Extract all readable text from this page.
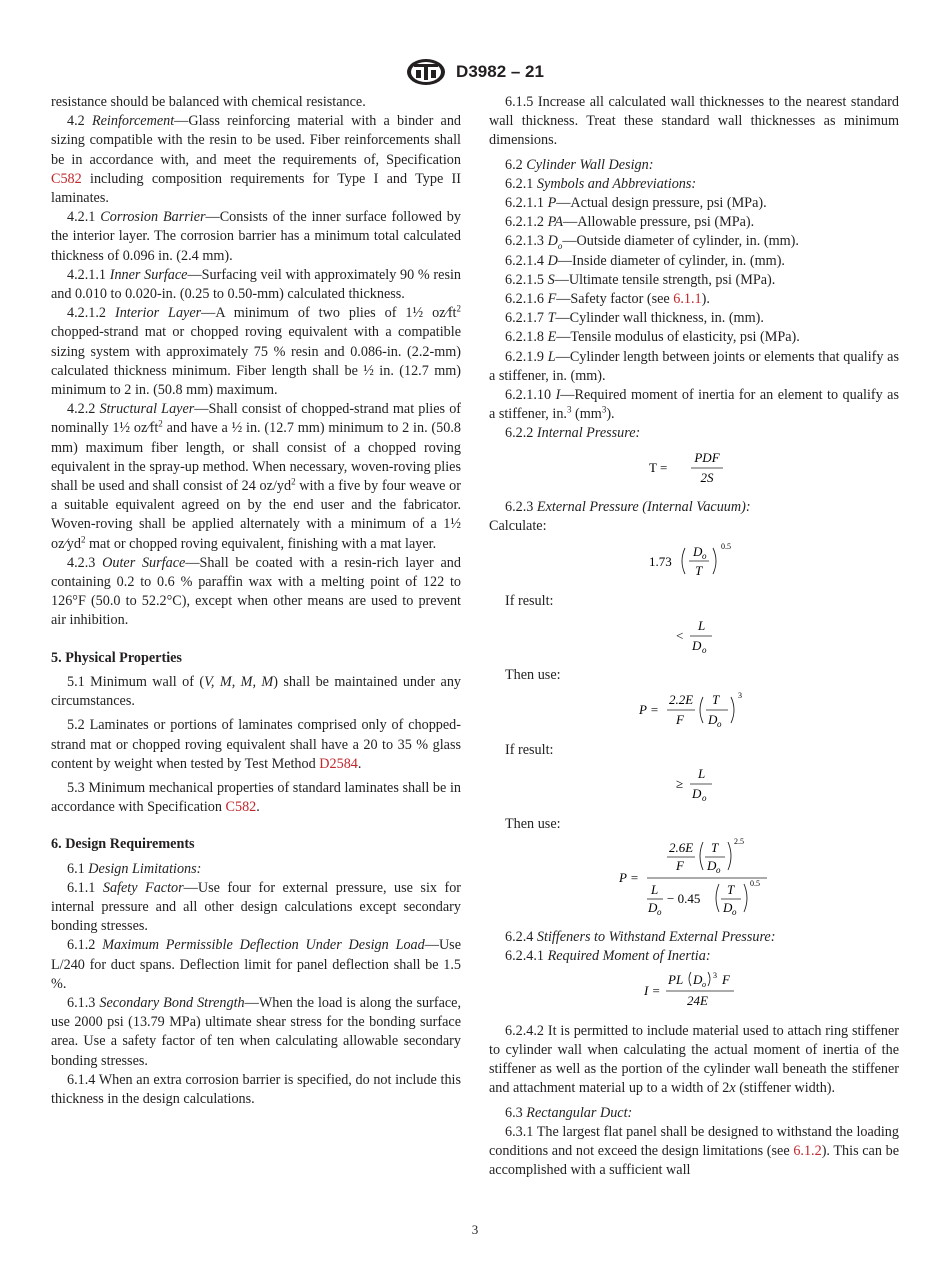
D3982 – 21

resistance should be balanced with chemical resistance.

4.2 Reinforcement—Glass reinforcing material with a binder and sizing compatible with the resin to be used. Fiber reinforcements shall be in accordance with, and meet the requirements of, Specification C582 including composition requirements for Type I and Type II laminates.

4.2.1 Corrosion Barrier—Consists of the inner surface followed by the interior layer. The corrosion barrier has a minimum total calculated thickness of 0.096 in. (2.4 mm).

4.2.1.1 Inner Surface—Surfacing veil with approximately 90 % resin and 0.010 to 0.020-in. (0.25 to 0.50-mm) calculated thickness.

4.2.1.2 Interior Layer—A minimum of two plies of 1½ $oz⁄ft^2$ chopped-strand mat or chopped roving equivalent with a compatible sizing system with approximately 75 % resin and 0.086-in. (2.2-mm) calculated thickness minimum. Fiber length shall be ½ in. (12.7 mm) minimum to 2 in. (50.8 mm) maximum.

4.2.2 Structural Layer—Shall consist of chopped-strand mat plies of nominally 1½ $oz⁄ft^2$ and have a ½ in. (12.7 mm) minimum to 2 in. (50.8 mm) maximum fiber length, or shall consist of a chopped roving equivalent in the spray-up method. When necessary, woven-roving plies shall be used and shall consist of 24 $oz/yd^2$ with a five by four weave or a suitable equivalent agreed on by the end user and the fabricator. Woven-roving shall be applied alternately with a minimum of a 1½ $oz⁄yd^2$ mat or chopped roving equivalent, finishing with a mat layer.

4.2.3 Outer Surface—Shall be coated with a resin-rich layer and containing 0.2 to 0.6 % paraffin wax with a melting point of 122 to 126°F (50.0 to 52.2°C), except when other means are used to prevent air inhibition.

5. Physical Properties

5.1 Minimum wall of (V, M, M, M) shall be maintained under any circumstances.

5.2 Laminates or portions of laminates comprised only of chopped-strand mat or chopped roving equivalent shall have a 20 to 35 % glass content by weight when tested by Test Method D2584.

5.3 Minimum mechanical properties of standard laminates shall be in accordance with Specification C582.

6. Design Requirements

6.1 Design Limitations:

6.1.1 Safety Factor—Use four for external pressure, use six for internal pressure and all other design calculations except secondary bonding stresses.

6.1.2 Maximum Permissible Deflection Under Design Load—Use L/240 for duct spans. Deflection limit for panel deflection shall be 1.5 %.

6.1.3 Secondary Bond Strength—When the load is along the surface, use 2000 psi (13.79 MPa) ultimate shear stress for the bonding surface area. Use a safety factor of ten when calculating allowable secondary bonding stresses.

6.1.4 When an extra corrosion barrier is specified, do not include this thickness in the design calculations.

6.1.5 Increase all calculated wall thicknesses to the nearest standard wall thickness. Treat these standard wall thicknesses as minimum dimensions.

6.2 Cylinder Wall Design:

6.2.1 Symbols and Abbreviations:

6.2.1.1 P—Actual design pressure, psi (MPa).

6.2.1.2 PA—Allowable pressure, psi (MPa).

6.2.1.3 $D_o—Outside$ diameter of cylinder, in. (mm).

6.2.1.4 D—Inside diameter of cylinder, in. (mm).

6.2.1.5 S—Ultimate tensile strength, psi (MPa).

6.2.1.6 F—Safety factor (see 6.1.1).

6.2.1.7 T—Cylinder wall thickness, in. (mm).

6.2.1.8 E—Tensile modulus of elasticity, psi (MPa).

6.2.1.9 L—Cylinder length between joints or elements that qualify as a stiffener, in. (mm).

6.2.1.10 I—Required moment of inertia for an element to qualify as a stiffener, in.$^3$ $(mm^3)$.

6.2.2 Internal Pressure:

T =
PDF
2S

6.2.3 External Pressure (Internal Vacuum):

Calculate:

1.73
D o
T
0.5

If result:

<
L
D o

Then use:

P =
2.2E
F
T
D o
3

If result:

≥
L
D o

Then use:

P =
2.6E
F
T
D o
2.5
L
D o
− 0.45
T
D o
0.5

6.2.4 Stiffeners to Withstand External Pressure:

6.2.4.1 Required Moment of Inertia:

I =
PL D o
3 F
24E

6.2.4.2 It is permitted to include material used to attach ring stiffener to cylinder wall when calculating the actual moment of inertia of the stiffener as well as the portion of the cylinder wall beneath the stiffener and attachment material up to a width of 2x (stiffener width).

6.3 Rectangular Duct:

6.3.1 The largest flat panel shall be designed to withstand the loading conditions and not exceed the design limitations (see 6.1.2). This can be accomplished with a sufficient wall

3
